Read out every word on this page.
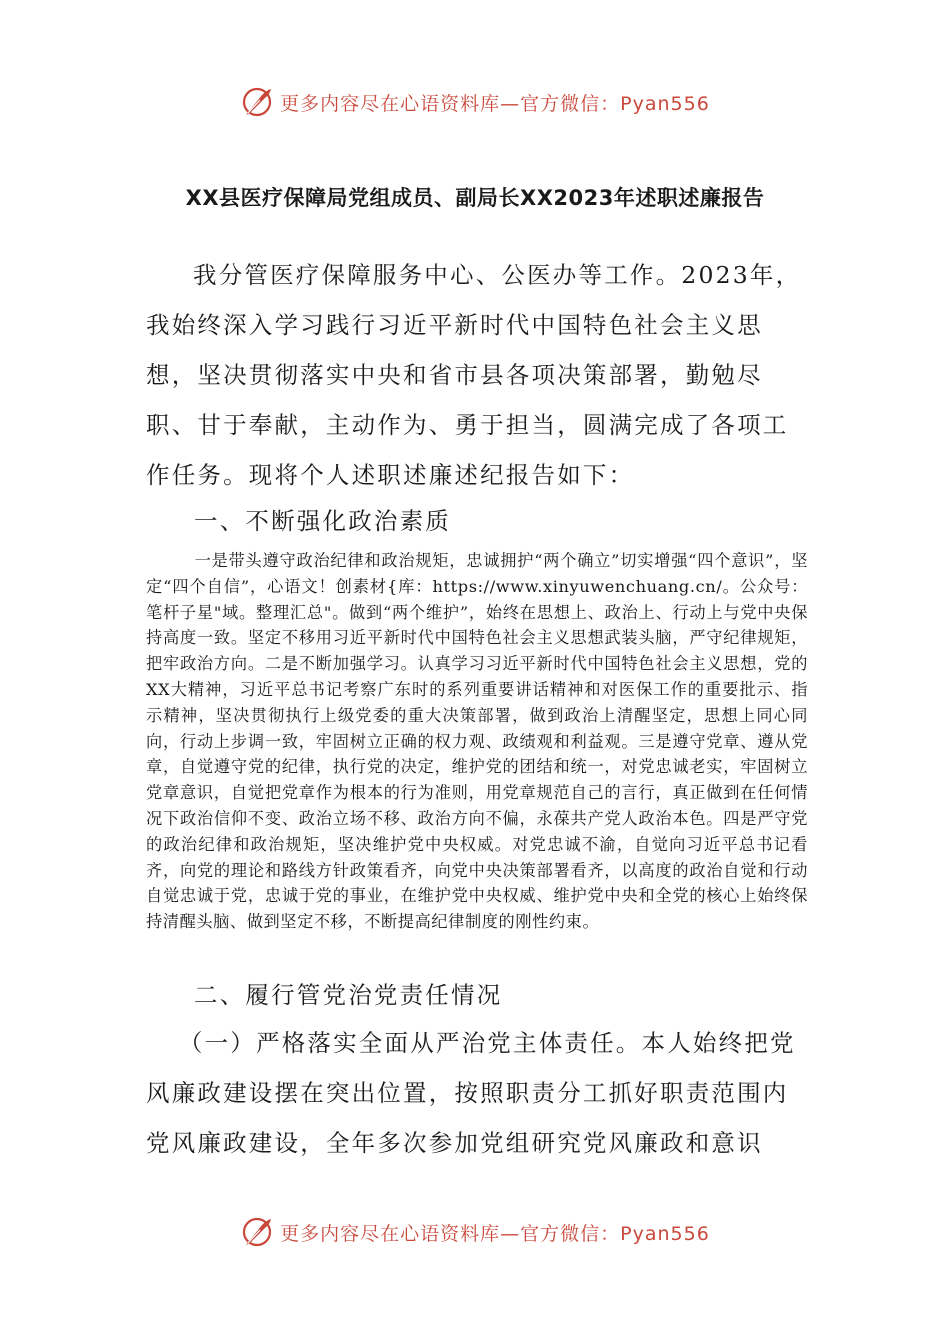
更多内容尽在心语资料库—官方微信：Pyan556
XX县医疗保障局党组成员、副局长XX2023年述职述廉报告

我分管医疗保障服务中心、公医办等工作。2023年，我始终深入学习践行习近平新时代中国特色社会主义思想，坚决贯彻落实中央和省市县各项决策部署，勤勉尽职、甘于奉献，主动作为、勇于担当，圆满完成了各项工作任务。现将个人述职述廉述纪报告如下：

一、不断强化政治素质

一是带头遵守政治纪律和政治规矩，忠诚拥护“两个确立”切实增强“四个意识”，坚定“四个自信”，心语文！创素材{库：https://www.xinyuwenchuang.cn/。公众号：笔杆子星"域。整理汇总"。做到“两个维护”，始终在思想上、政治上、行动上与党中央保持高度一致。坚定不移用习近平新时代中国特色社会主义思想武装头脑，严守纪律规矩，把牢政治方向。二是不断加强学习。认真学习习近平新时代中国特色社会主义思想，党的XX大精神，习近平总书记考察广东时的系列重要讲话精神和对医保工作的重要批示、指示精神，坚决贯彻执行上级党委的重大决策部署，做到政治上清醒坚定，思想上同心同向，行动上步调一致，牢固树立正确的权力观、政绩观和利益观。三是遵守党章、遵从党章，自觉遵守党的纪律，执行党的决定，维护党的团结和统一，对党忠诚老实，牢固树立党章意识，自觉把党章作为根本的行为准则，用党章规范自己的言行，真正做到在任何情况下政治信仰不变、政治立场不移、政治方向不偏，永葆共产党人政治本色。四是严守党的政治纪律和政治规矩，坚决维护党中央权威。对党忠诚不渝，自觉向习近平总书记看齐，向党的理论和路线方针政策看齐，向党中央决策部署看齐，以高度的政治自觉和行动自觉忠诚于党，忠诚于党的事业，在维护党中央权威、维护党中央和全党的核心上始终保持清醒头脑、做到坚定不移，不断提高纪律制度的刚性约束。

二、履行管党治党责任情况

（一）严格落实全面从严治党主体责任。本人始终把党风廉政建设摆在突出位置，按照职责分工抓好职责范围内党风廉政建设，全年多次参加党组研究党风廉政和意识

更多内容尽在心语资料库—官方微信：Pyan556
